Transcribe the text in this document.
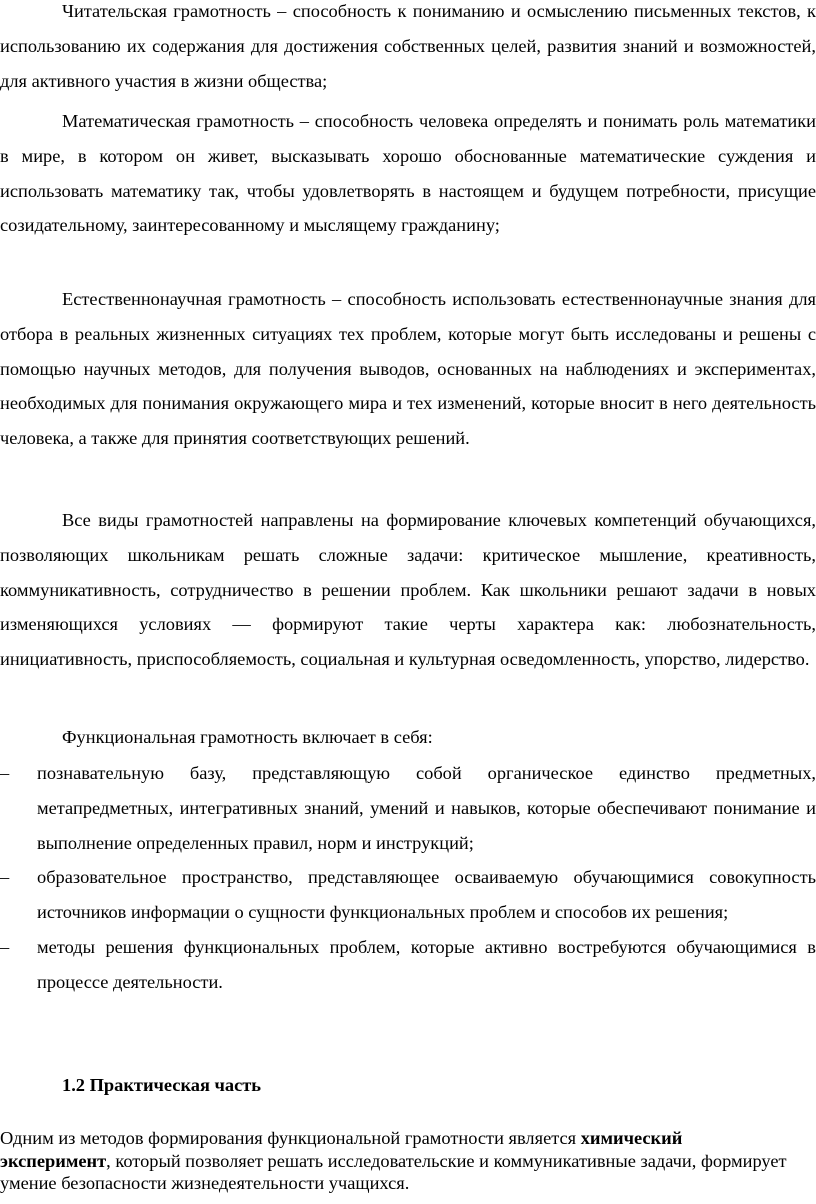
Читательская грамотность – способность к пониманию и осмыслению письменных текстов, к использованию их содержания для достижения собственных целей, развития знаний и возможностей, для активного участия в жизни общества;

Математическая грамотность – способность человека определять и понимать роль математики в мире, в котором он живет, высказывать хорошо обоснованные математические суждения и использовать математику так, чтобы удовлетворять в настоящем и будущем потребности, присущие созидательному, заинтересованному и мыслящему гражданину;

Естественнонаучная грамотность – способность использовать естественнонаучные знания для отбора в реальных жизненных ситуациях тех проблем, которые могут быть исследованы и решены с помощью научных методов, для получения выводов, основанных на наблюдениях и экспериментах, необходимых для понимания окружающего мира и тех изменений, которые вносит в него деятельность человека, а также для принятия соответствующих решений.

Все виды грамотностей направлены на формирование ключевых компетенций обучающихся, позволяющих школьникам решать сложные задачи: критическое мышление, креативность, коммуникативность, сотрудничество в решении проблем. Как школьники решают задачи в новых изменяющихся условиях — формируют такие черты характера как: любознательность, инициативность, приспособляемость, социальная и культурная осведомленность, упорство, лидерство.

Функциональная грамотность включает в себя:

–	познавательную базу, представляющую собой органическое единство предметных, метапредметных, интегративных знаний, умений и навыков, которые обеспечивают понимание и выполнение определенных правил, норм и инструкций;
–	образовательное пространство, представляющее осваиваемую обучающимися совокупность источников информации о сущности функциональных проблем и способов их решения;
–	методы решения функциональных проблем, которые активно востребуются обучающимися в процессе деятельности.
1.2 Практическая часть

Одним из методов формирования функциональной грамотности является химический эксперимент, который позволяет решать исследовательские и коммуникативные задачи, формирует умение безопасности жизнедеятельности учащихся.
